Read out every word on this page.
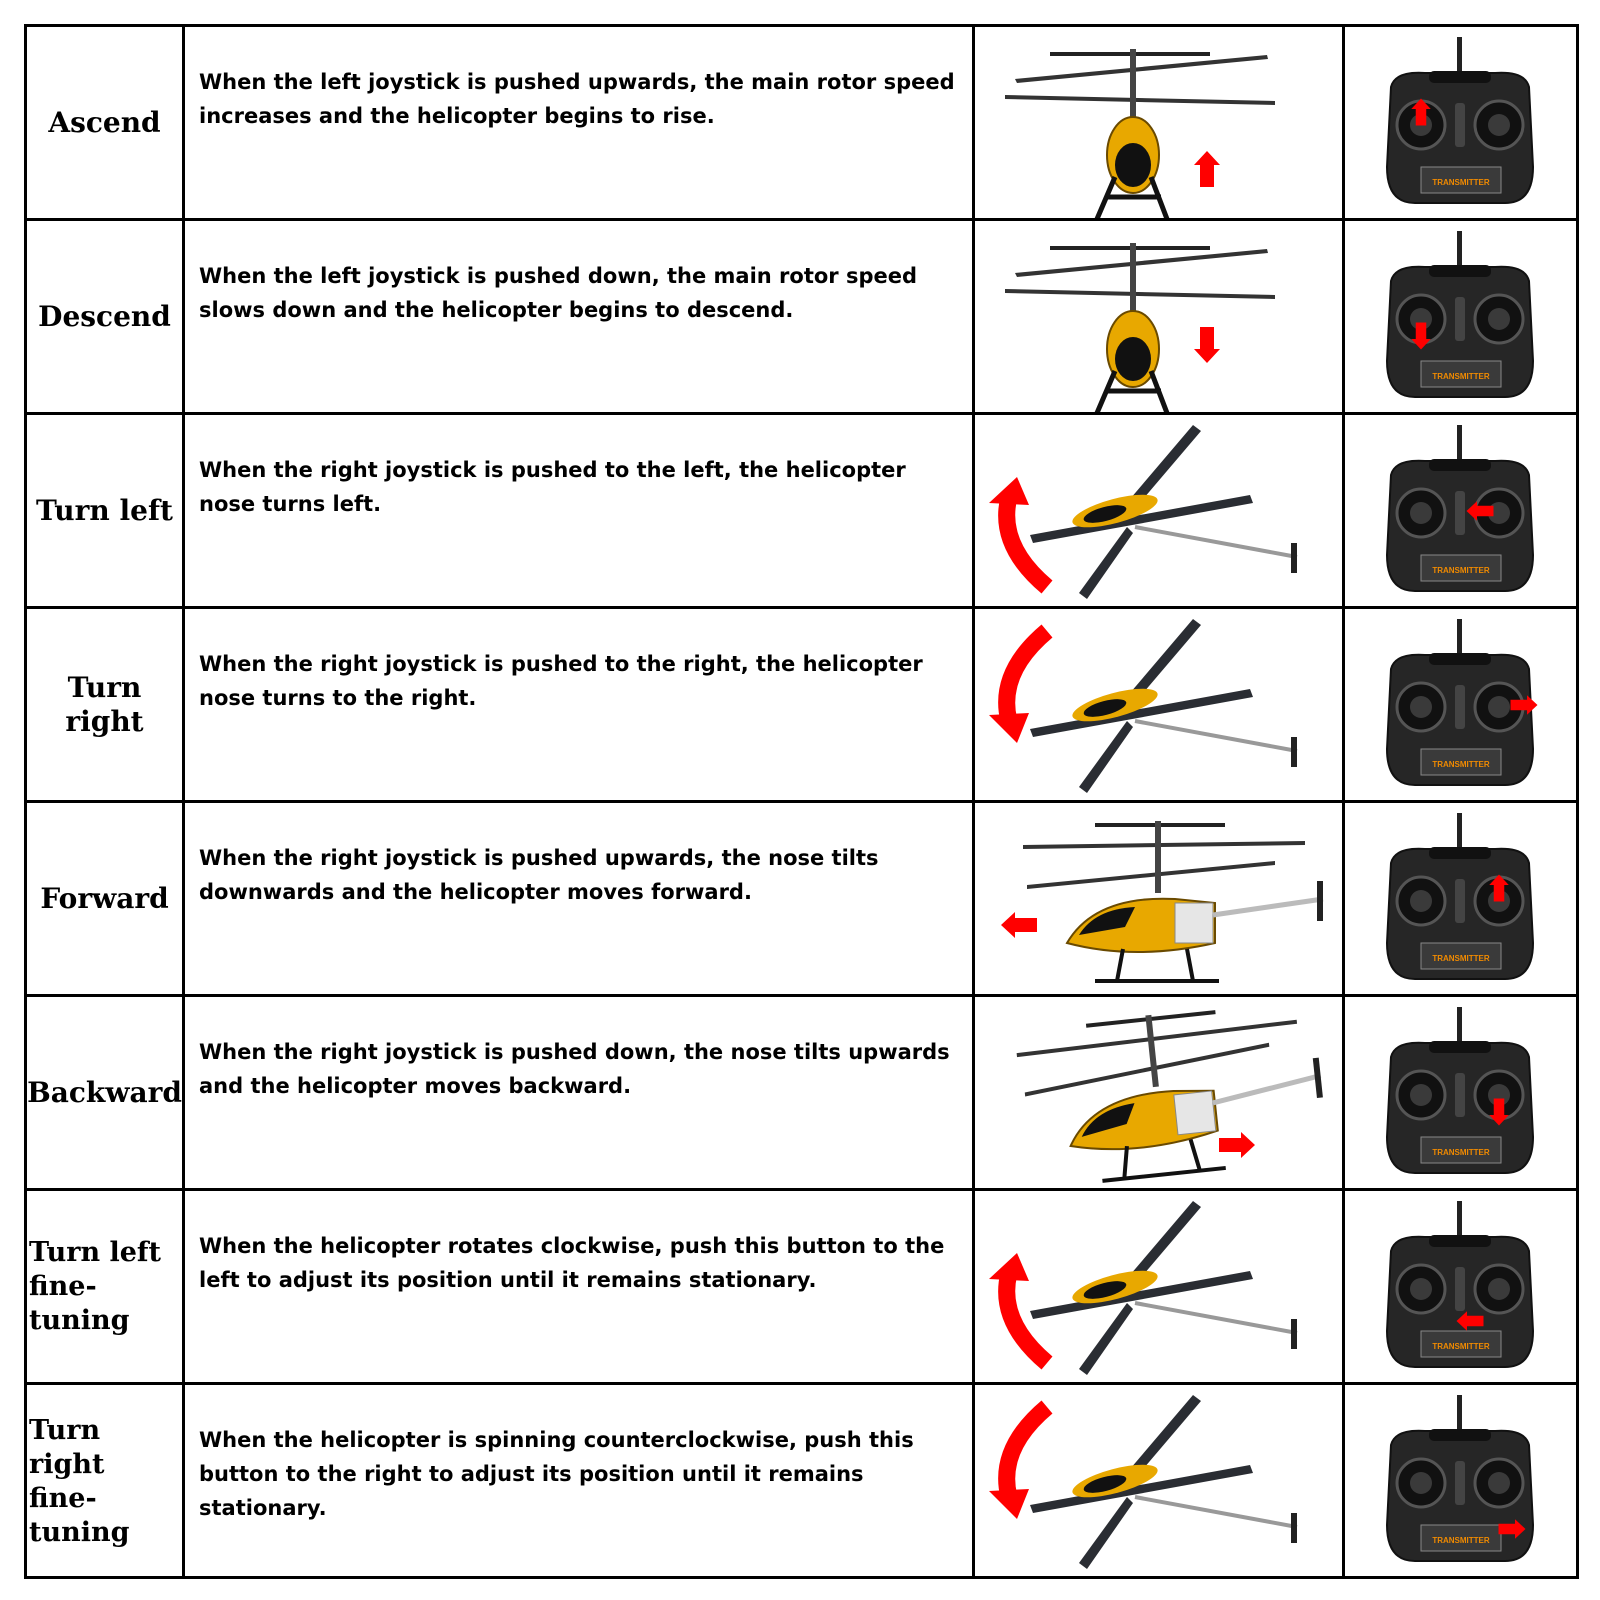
Ascend
When the left joystick is pushed upwards, the main rotor speed increases and the helicopter begins to rise.
TRANSMITTER
Descend
When the left joystick is pushed down, the main rotor speed slows down and the helicopter begins to descend.
TRANSMITTER
Turn left
When the right joystick is pushed to the left, the helicopter nose turns left.
TRANSMITTER
Turn right
When the right joystick is pushed to the right, the helicopter nose turns to the right.
TRANSMITTER
Forward
When the right joystick is pushed upwards, the nose tilts downwards and the helicopter moves forward.
TRANSMITTER
Backward
When the right joystick is pushed down, the nose tilts upwards and the helicopter moves backward.
TRANSMITTER
Turn left
fine-tuning
When the helicopter rotates clockwise, push this button to the left to adjust its position until it remains stationary.
TRANSMITTER
Turn right
fine-tuning
When the helicopter is spinning counterclockwise, push this button to the right to adjust its position until it remains stationary.
TRANSMITTER
